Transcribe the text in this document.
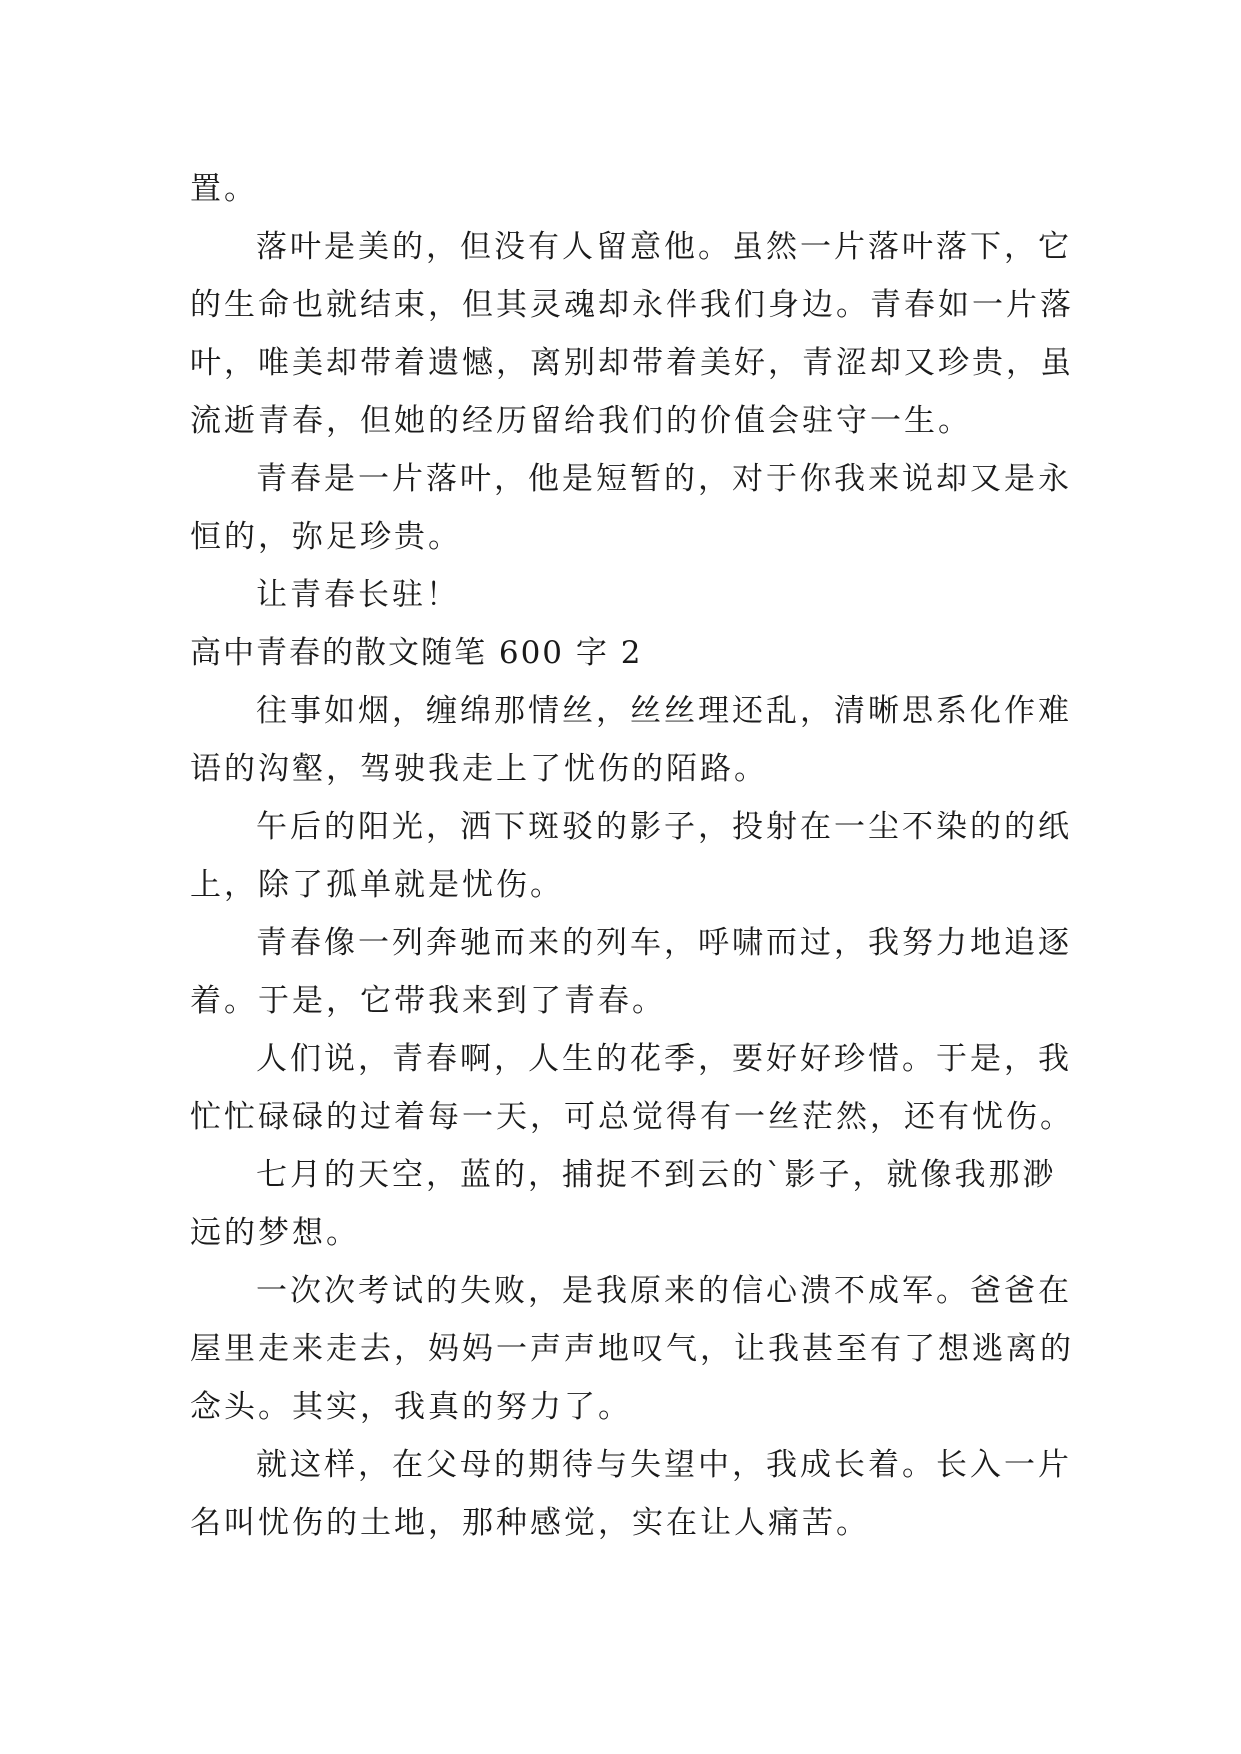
置。
落叶是美的，但没有人留意他。虽然一片落叶落下，它
的生命也就结束，但其灵魂却永伴我们身边。青春如一片落
叶，唯美却带着遗憾，离别却带着美好，青涩却又珍贵，虽
流逝青春，但她的经历留给我们的价值会驻守一生。
青春是一片落叶，他是短暂的，对于你我来说却又是永
恒的，弥足珍贵。
让青春长驻！
高中青春的散文随笔 600 字 2
往事如烟，缠绵那情丝，丝丝理还乱，清晰思系化作难
语的沟壑，驾驶我走上了忧伤的陌路。
午后的阳光，洒下斑驳的影子，投射在一尘不染的的纸
上，除了孤单就是忧伤。
青春像一列奔驰而来的列车，呼啸而过，我努力地追逐
着。于是，它带我来到了青春。
人们说，青春啊，人生的花季，要好好珍惜。于是，我
忙忙碌碌的过着每一天，可总觉得有一丝茫然，还有忧伤。
七月的天空，蓝的，捕捉不到云的`影子，就像我那渺
远的梦想。
一次次考试的失败，是我原来的信心溃不成军。爸爸在
屋里走来走去，妈妈一声声地叹气，让我甚至有了想逃离的
念头。其实，我真的努力了。
就这样，在父母的期待与失望中，我成长着。长入一片
名叫忧伤的土地，那种感觉，实在让人痛苦。
